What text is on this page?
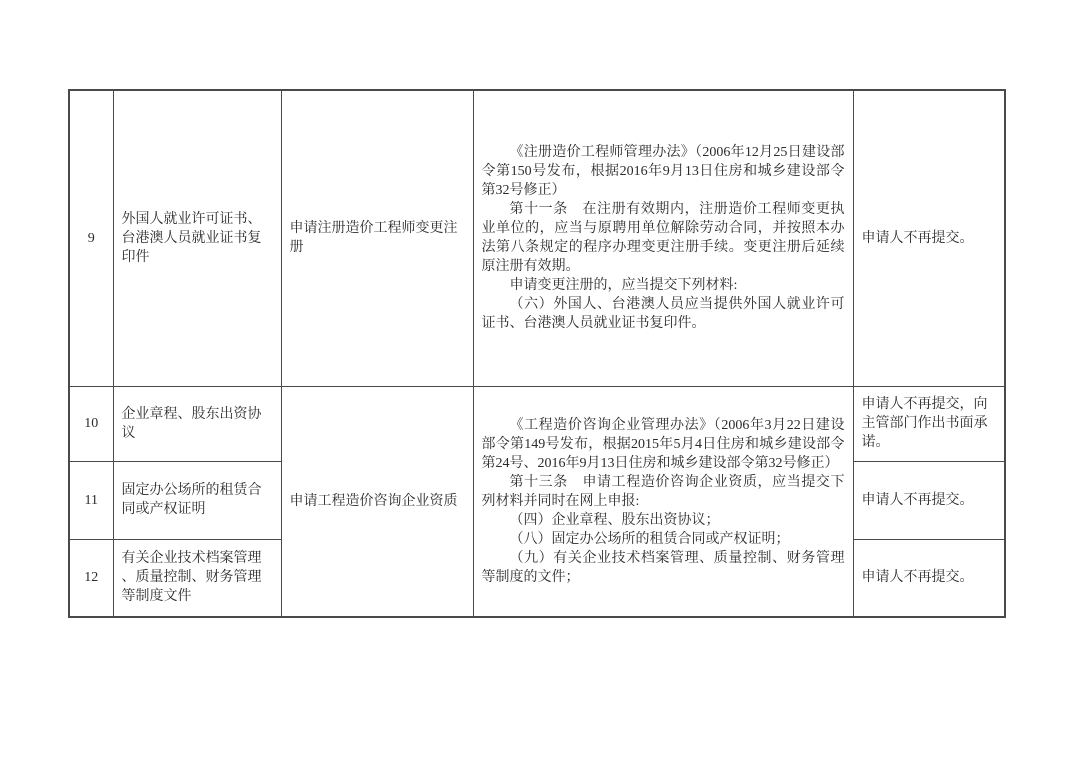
9	外国人就业许可证书、台港澳人员就业证书复印件	申请注册造价工程师变更注册	《注册造价工程师管理办法》（2006年12月25日建设部令第150号发布，根据2016年9月13日住房和城乡建设部令第32号修正）

第十一条　在注册有效期内，注册造价工程师变更执业单位的，应当与原聘用单位解除劳动合同，并按照本办法第八条规定的程序办理变更注册手续。变更注册后延续原注册有效期。

申请变更注册的，应当提交下列材料:

（六）外国人、台港澳人员应当提供外国人就业许可证书、台港澳人员就业证书复印件。	申请人不再提交。
10	企业章程、股东出资协议	申请工程造价咨询企业资质	《工程造价咨询企业管理办法》（2006年3月22日建设部令第149号发布，根据2015年5月4日住房和城乡建设部令第24号、2016年9月13日住房和城乡建设部令第32号修正）

第十三条　申请工程造价咨询企业资质，应当提交下列材料并同时在网上申报:

（四）企业章程、股东出资协议；

（八）固定办公场所的租赁合同或产权证明；

（九）有关企业技术档案管理、质量控制、财务管理等制度的文件；	申请人不再提交，向主管部门作出书面承诺。
11	固定办公场所的租赁合同或产权证明			申请人不再提交。
12	有关企业技术档案管理、质量控制、财务管理等制度文件			申请人不再提交。
